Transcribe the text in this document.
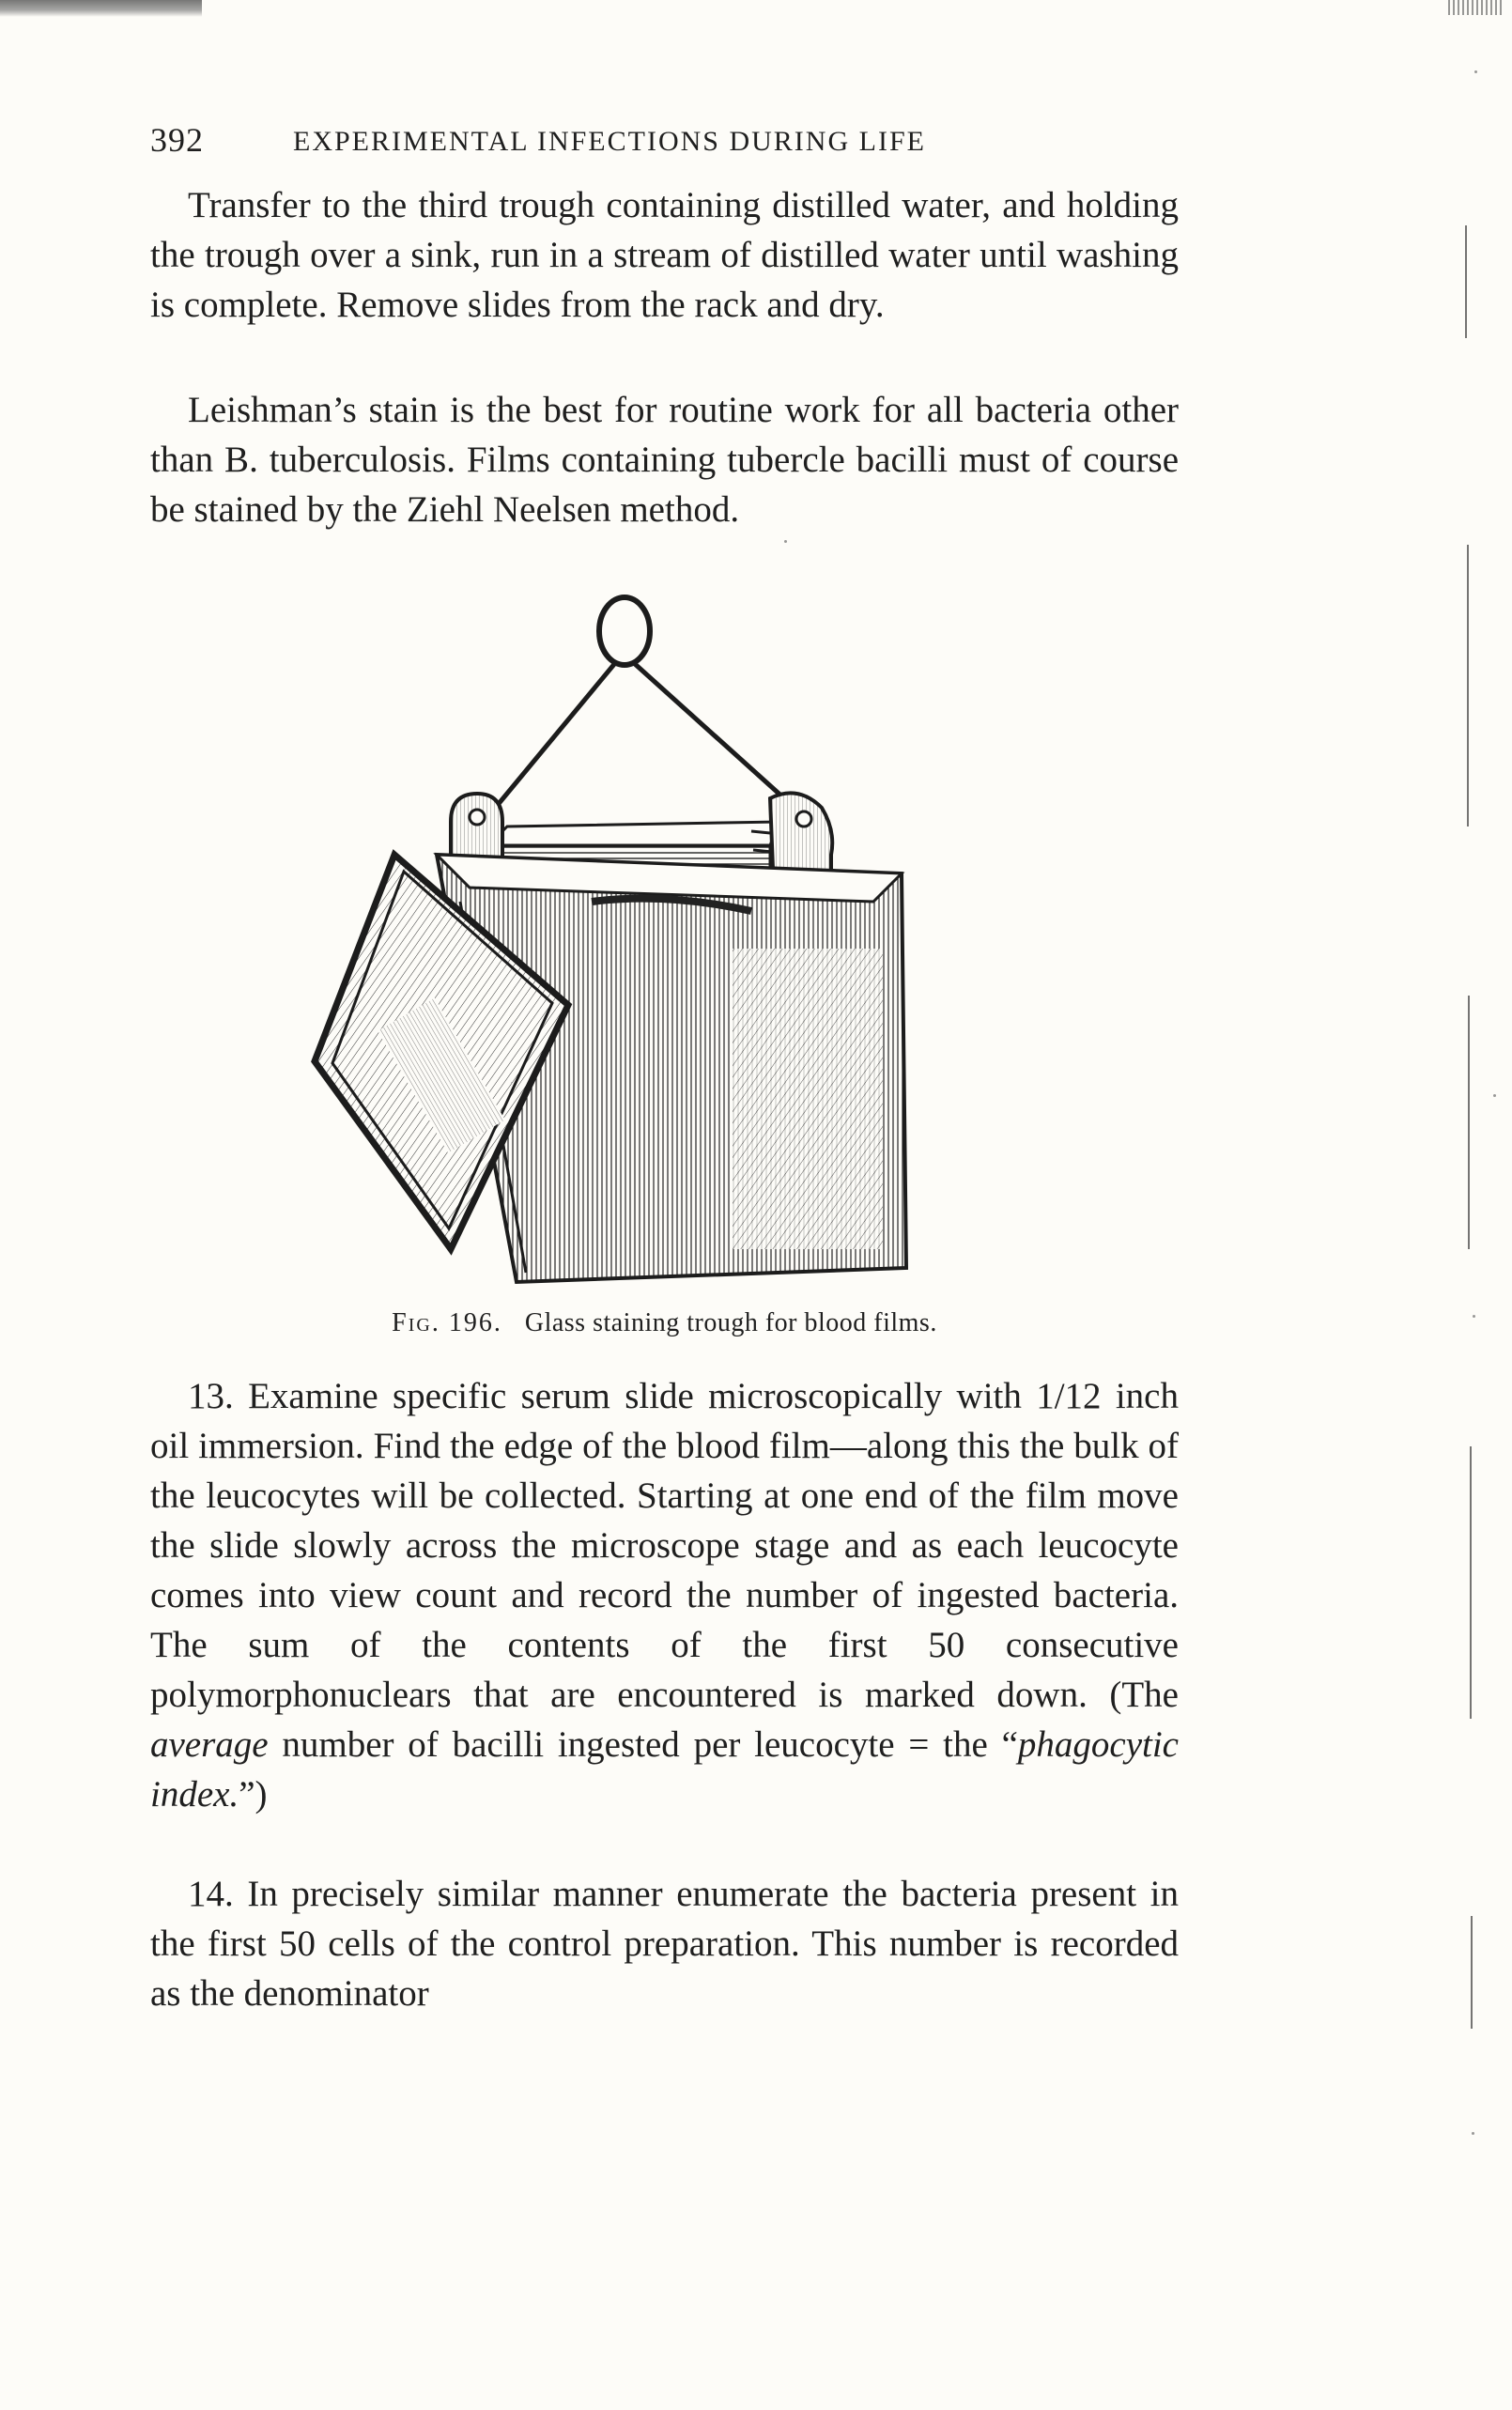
392	EXPERIMENTAL INFECTIONS DURING LIFE

Transfer to the third trough containing distilled water, and holding the trough over a sink, run in a stream of distilled water until washing is complete. Remove slides from the rack and dry.

Leishman’s stain is the best for routine work for all bacteria other than B. tuberculosis. Films containing tubercle bacilli must of course be stained by the Ziehl Neelsen method.

Fig. 196. Glass staining trough for blood films.

13. Examine specific serum slide microscopically with 1/12 inch oil immersion. Find the edge of the blood film—along this the bulk of the leucocytes will be collected. Starting at one end of the film move the slide slowly across the microscope stage and as each leucocyte comes into view count and record the number of ingested bacteria. The sum of the contents of the first 50 consecutive polymorphonuclears that are encountered is marked down. (The average number of bacilli ingested per leucocyte = the “phagocytic index.”)

14. In precisely similar manner enumerate the bacteria present in the first 50 cells of the control preparation. This number is recorded as the denominator
